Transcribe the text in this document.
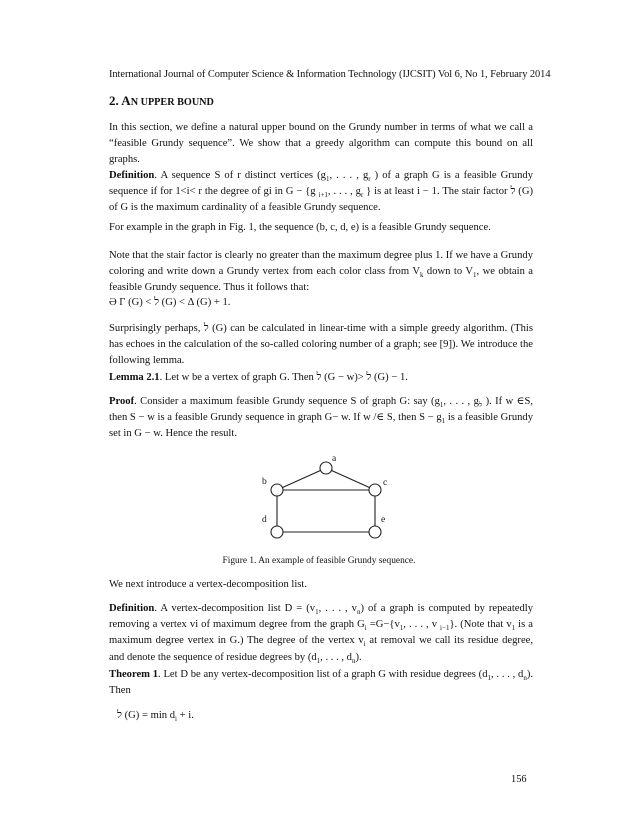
International Journal of Computer Science & Information Technology (IJCSIT) Vol 6, No 1, February 2014
2. AN UPPER BOUND

In this section, we define a natural upper bound on the Grundy number in terms of what we call a “feasible Grundy sequence”. We show that a greedy algorithm can compute this bound on all graphs.

Definition. A sequence S of r distinct vertices ($g_1$, . . . , $g_r$ ) of a graph G is a feasible Grundy sequence if for 1<i< r the degree of gi in G − {g $_{i+1}$, . . . , $g_r$ } is at least i − 1. The stair factor ל (G) of G is the maximum cardinality of a feasible Grundy sequence.

For example in the graph in Fig. 1, the sequence (b, c, d, e) is a feasible Grundy sequence.

Note that the stair factor is clearly no greater than the maximum degree plus 1. If we have a Grundy coloring and write down a Grundy vertex from each color class from $V_k$ down to $V_1$, we obtain a feasible Grundy sequence. Thus it follows that:

Ə Γ (G) < ל (G) < Δ (G) + 1.

Surprisingly perhaps, ל (G) can be calculated in linear-time with a simple greedy algorithm. (This has echoes in the calculation of the so-called coloring number of a graph; see [9]). We introduce the following lemma.

Lemma 2.1. Let w be a vertex of graph G. Then ל (G − w)> ל (G) − 1.

Proof. Consider a maximum feasible Grundy sequence S of graph G: say ($g_1$, . . . , $g_ל$ ). If w ∈S, then S − w is a feasible Grundy sequence in graph G− w. If w /∈ S, then $S - g_1$ is a feasible Grundy set in G − w. Hence the result.

a
b	c
d	e
Figure 1. An example of feasible Grundy sequence.

We next introduce a vertex-decomposition list.

Definition. A vertex-decomposition list $D = (v_1$, . . . , $v_n$) of a graph is computed by repeatedly removing a vertex vi of maximum degree from the graph $G_i =G-\{v_1$, . . . , v $_{i-1}$}. (Note that $v_1$ is a maximum degree vertex in G.) The degree of the vertex $v_i$ at removal we call its residue degree, and denote the sequence of residue degrees by ($d_1$, . . . , $d_n$).

Theorem 1. Let D be any vertex-decomposition list of a graph G with residue degrees ($d_1$, . . . , $d_n$). Then

ל $(G) = \min d_i + i$.
156
